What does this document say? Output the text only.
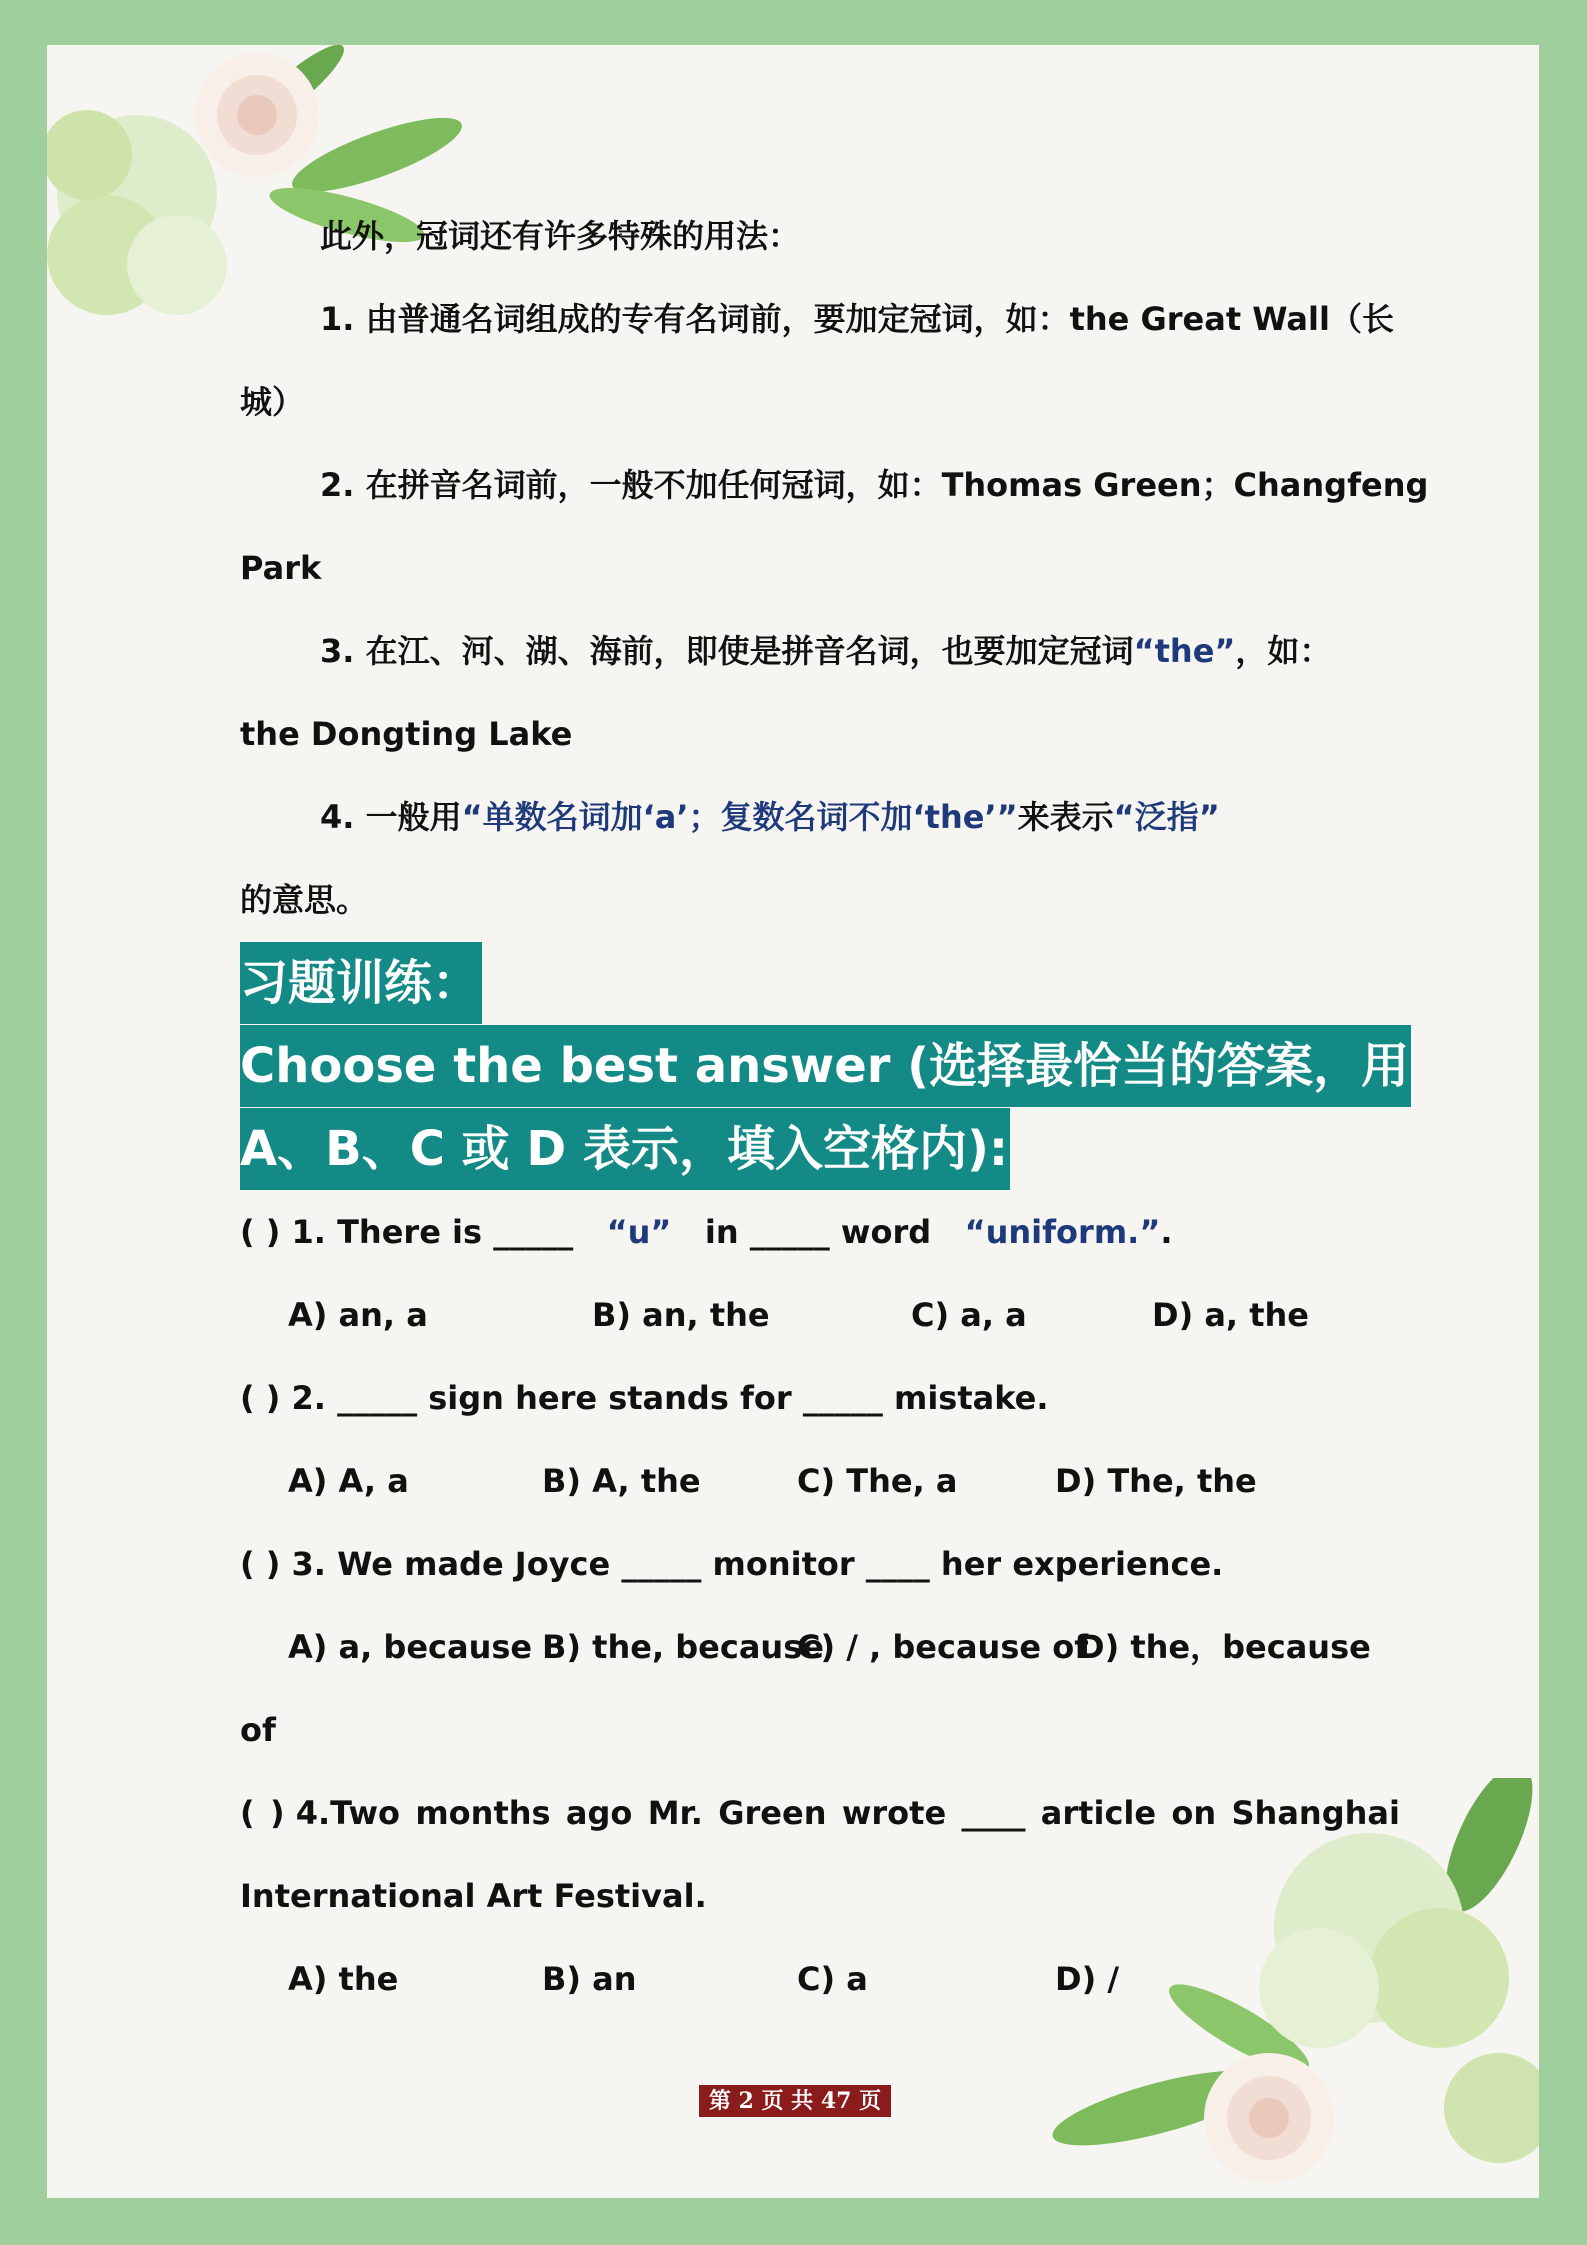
此外，冠词还有许多特殊的用法：
1. 由普通名词组成的专有名词前，要加定冠词，如：the Great Wall（长
城）
2. 在拼音名词前，一般不加任何冠词，如：Thomas Green；Changfeng
Park
3. 在江、河、湖、海前，即使是拼音名词，也要加定冠词“the”，如：
the Dongting Lake
4. 一般用“单数名词加‘a’；复数名词不加‘the’”来表示“泛指”
的意思。
习题训练：
Choose the best answer (选择最恰当的答案，用
A、B、C 或 D 表示，填入空格内):
( ) 1. There is _____ “u” in _____ word “uniform.”.
A) an, a	B) an, the	C) a, a	D) a, the
( ) 2. _____ sign here stands for _____ mistake.
A) A, a	B) A, the	C) The, a	D) The, the
( ) 3. We made Joyce _____ monitor ____ her experience.
A) a, because B) the, because
C) / , because of
D) the，because
of
( ) 4.Two months ago Mr. Green wrote ____ article on Shanghai
International Art Festival.
A) the	B) an	C) a	D) /
第 2 页 共 47 页
